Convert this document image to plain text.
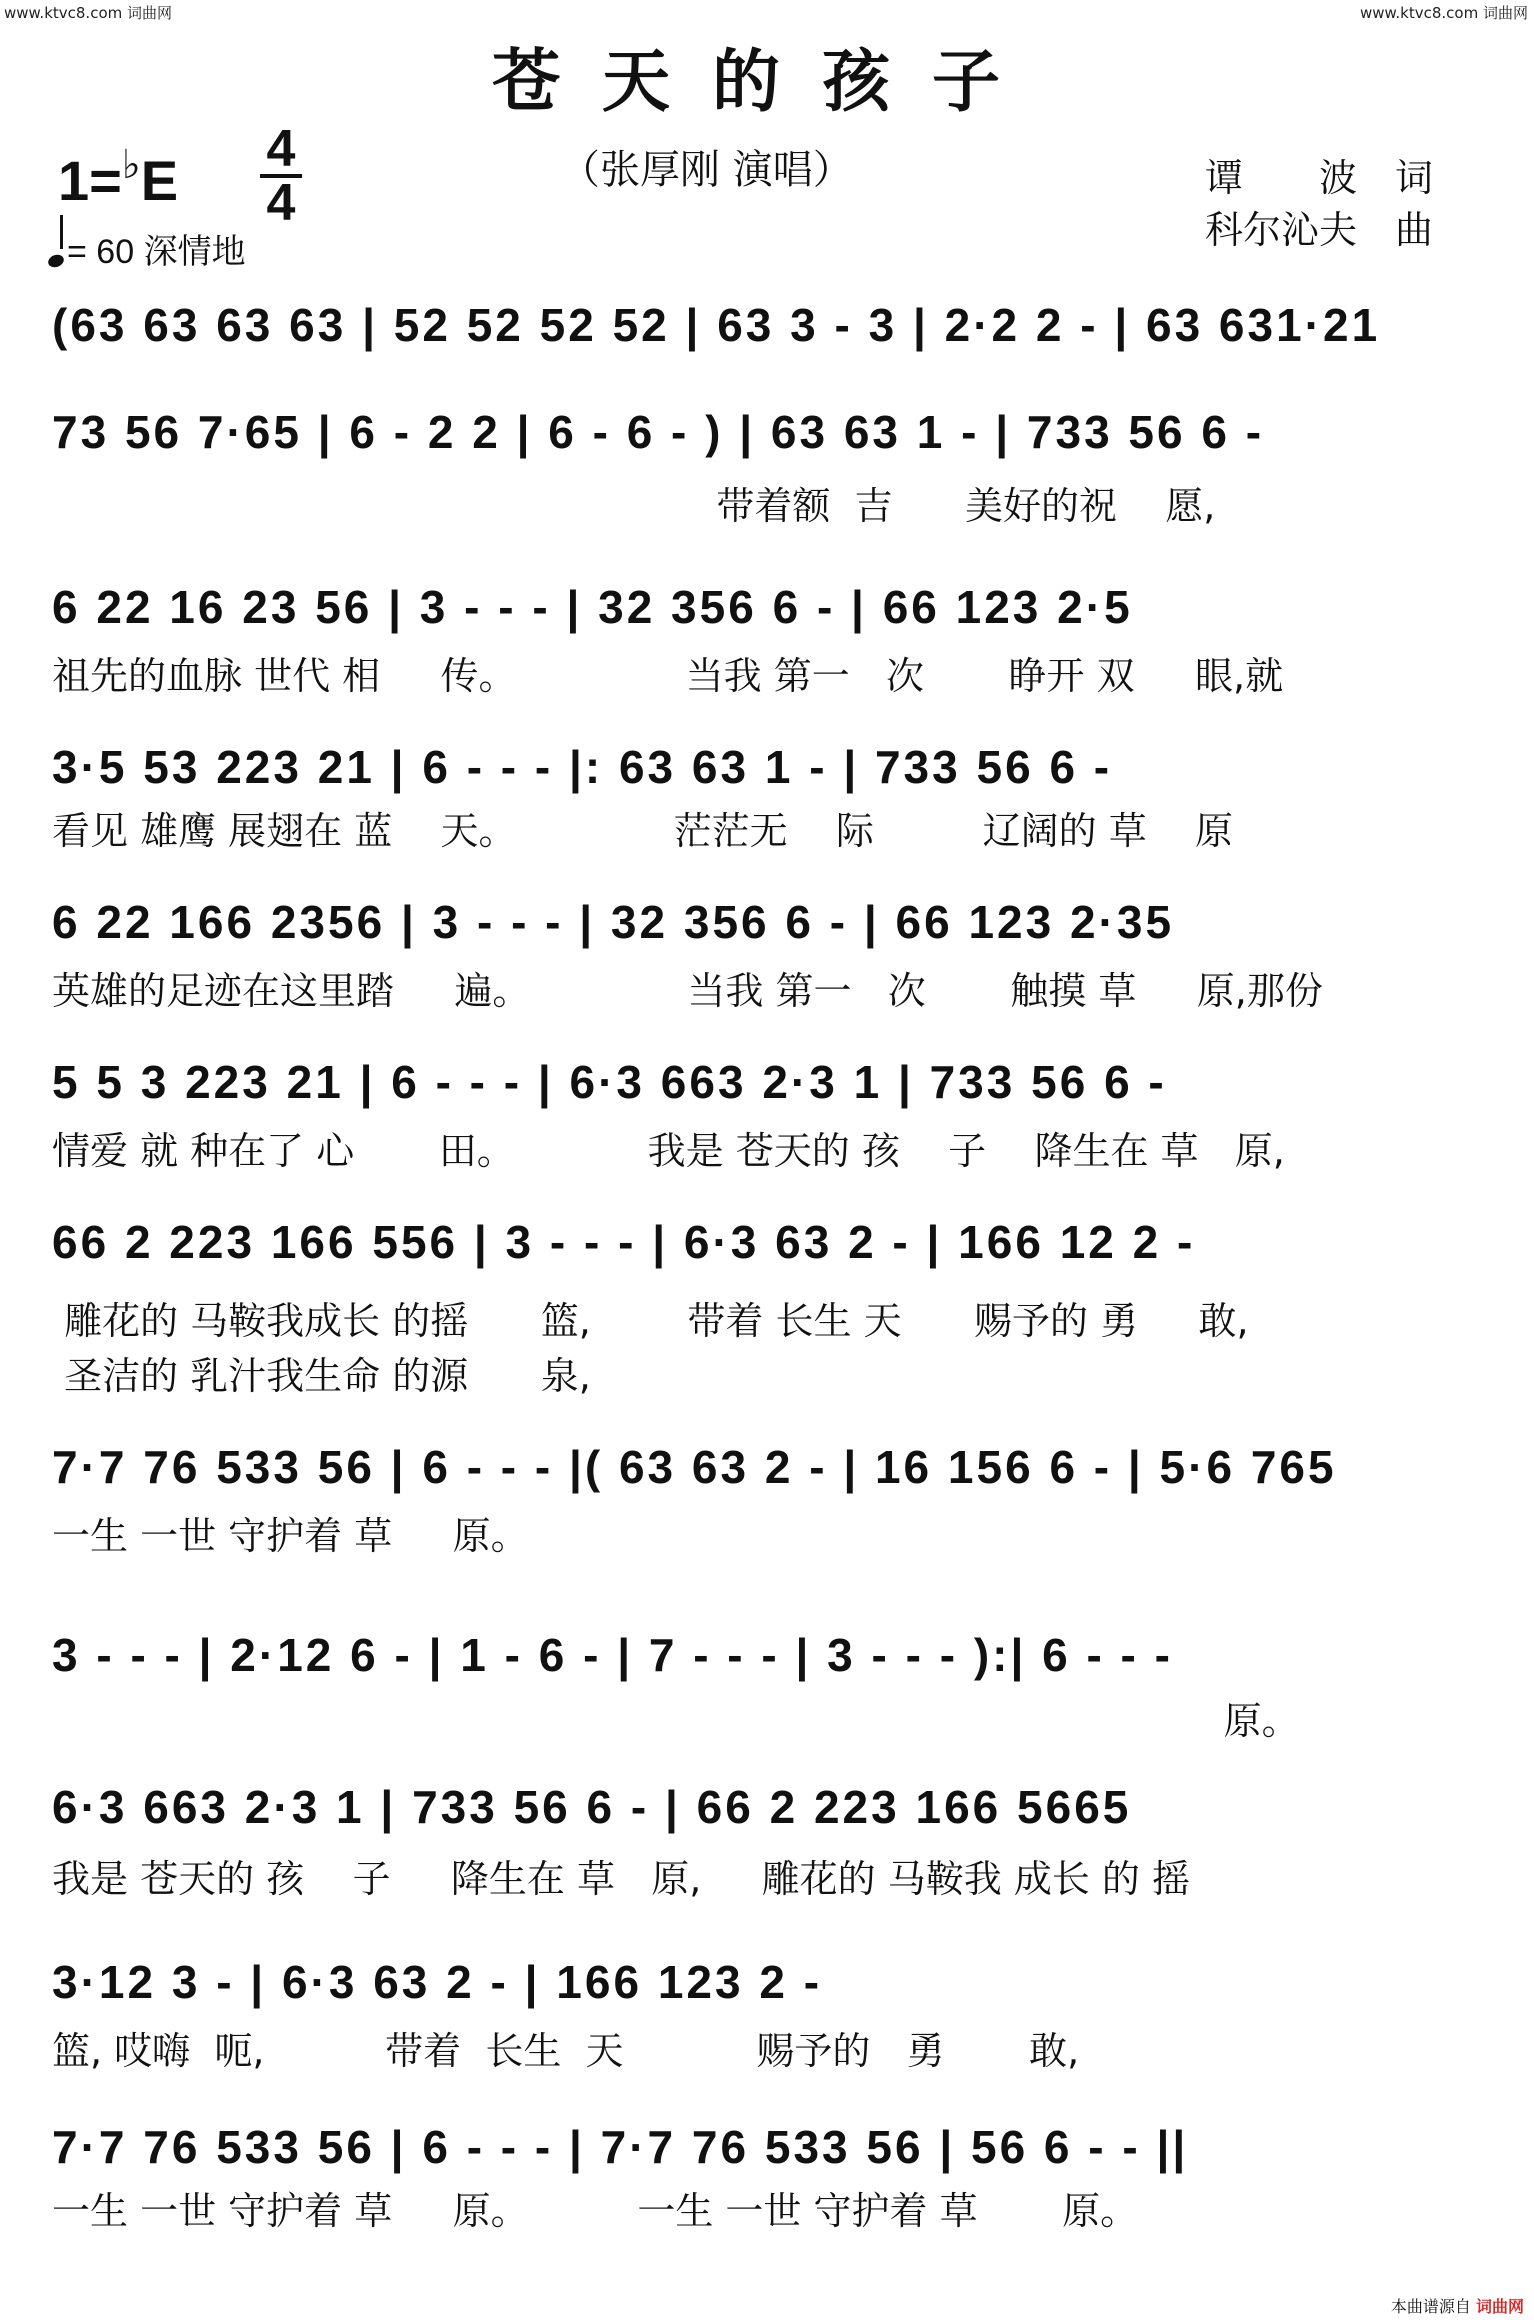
www.ktvc8.com 词曲网	www.ktvc8.com 词曲网
苍天的孩子
（张厚刚 演唱）	谭　　波　词
科尔沁夫　曲
1=♭E 4
4
= 60 深情地
(63 63 63 63 | 52 52 52 52 | 63 3 - 3 | 2·2 2 - | 63 631·21
73 56 7·65 | 6 - 2 2 | 6 - 6 - ) | 63 63 1 - | 733 56 6 -
带着额  吉      美好的祝    愿,
6 22 16 23 56 | 3 - - - | 32 356 6 - | 66 123 2·5
祖先的血脉 世代 相     传。              当我 第一   次       睁开 双     眼,就
3·5 53 223 21 | 6 - - - |: 63 63 1 - | 733 56 6 -
看见 雄鹰 展翅在 蓝    天。             茫茫无    际         辽阔的 草    原
6 22 166 2356 | 3 - - - | 32 356 6 - | 66 123 2·35
英雄的足迹在这里踏     遍。             当我 第一   次       触摸 草     原,那份
5 5 3 223 21 | 6 - - - | 6·3 663 2·3 1 | 733 56 6 -
情爱 就 种在了 心       田。           我是 苍天的 孩    子    降生在 草   原,
66 2 223 166 556 | 3 - - - | 6·3 63 2 - | 166 12 2 -
雕花的 马鞍我成长 的摇      篮,        带着 长生 天      赐予的 勇     敢,
圣洁的 乳汁我生命 的源      泉,
7·7 76 533 56 | 6 - - - |( 63 63 2 - | 16 156 6 - | 5·6 765
一生 一世 守护着 草     原。
3 - - - | 2·12 6 - | 1 - 6 - | 7 - - - | 3 - - - ):| 6 - - -
原。
6·3 663 2·3 1 | 733 56 6 - | 66 2 223 166 5665
我是 苍天的 孩    子     降生在 草   原,     雕花的 马鞍我 成长 的 摇
3·12 3 - | 6·3 63 2 - | 166 123 2 -
篮, 哎嗨  呃,          带着  长生  天           赐予的   勇       敢,
7·7 76 533 56 | 6 - - - | 7·7 76 533 56 | 56 6 - - ||
一生 一世 守护着 草     原。         一生 一世 守护着 草       原。
本曲谱源自 词曲网
